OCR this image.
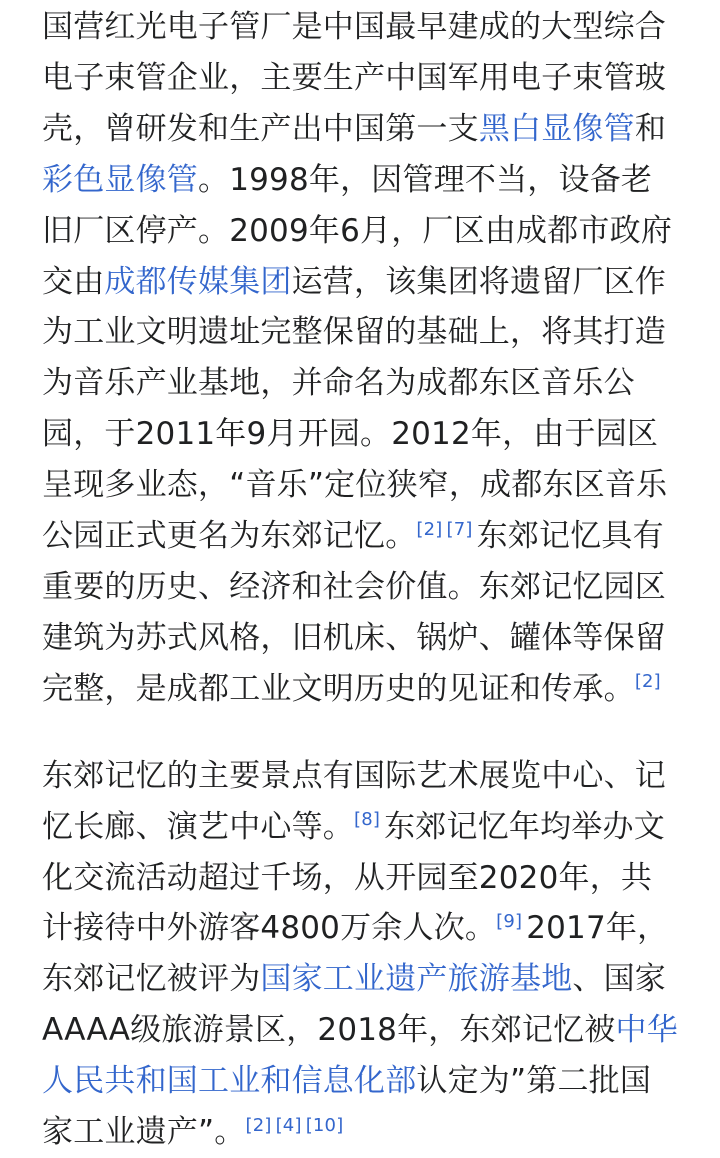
国营红光电子管厂是中国最早建成的大型综合电子束管企业，主要生产中国军用电子束管玻壳，曾研发和生产出中国第一支黑白显像管和彩色显像管。1998年，因管理不当，设备老旧厂区停产。2009年6月，厂区由成都市政府交由成都传媒集团运营，该集团将遗留厂区作为工业文明遗址完整保留的基础上，将其打造为音乐产业基地，并命名为成都东区音乐公园，于2011年9月开园。2012年，由于园区呈现多业态，“音乐”定位狭窄，成都东区音乐公园正式更名为东郊记忆。[2] [7] 东郊记忆具有重要的历史、经济和社会价值。东郊记忆园区建筑为苏式风格，旧机床、锅炉、罐体等保留完整，是成都工业文明历史的见证和传承。[2]

东郊记忆的主要景点有国际艺术展览中心、记忆长廊、演艺中心等。[8] 东郊记忆年均举办文化交流活动超过千场，从开园至2020年，共计接待中外游客4800万余人次。[9] 2017年，东郊记忆被评为国家工业遗产旅游基地、国家AAAA级旅游景区，2018年，东郊记忆被中华人民共和国工业和信息化部认定为”第二批国家工业遗产”。[2] [4] [10]
